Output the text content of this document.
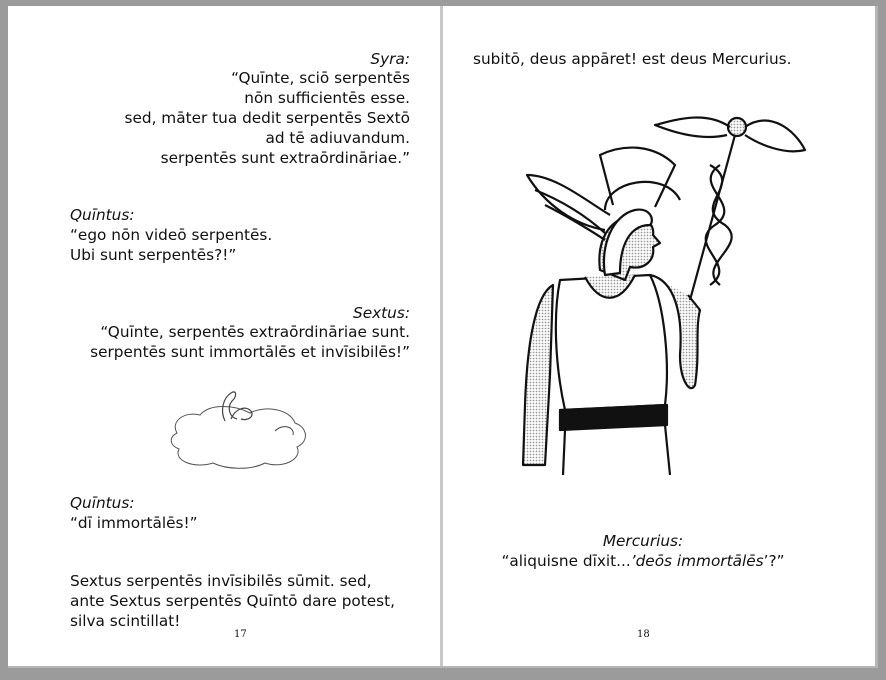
Syra:
“Quīnte, sciō serpentēs
nōn sufficientēs esse.
sed, māter tua dedit serpentēs Sextō
ad tē adiuvandum.
serpentēs sunt extraōrdināriae.”
Quīntus:
“ego nōn videō serpentēs.
Ubi sunt serpentēs?!”
Sextus:
“Quīnte, serpentēs extraōrdināriae sunt.
serpentēs sunt immortālēs et invīsibilēs!”
Quīntus:
“dī immortālēs!”
Sextus serpentēs invīsibilēs sūmit. sed,
ante Sextus serpentēs Quīntō dare potest,
silva scintillat!
17
subitō, deus appāret! est deus Mercurius.
Mercurius:
“aliquisne dīxit...’deōs immortālēs’?”
18
